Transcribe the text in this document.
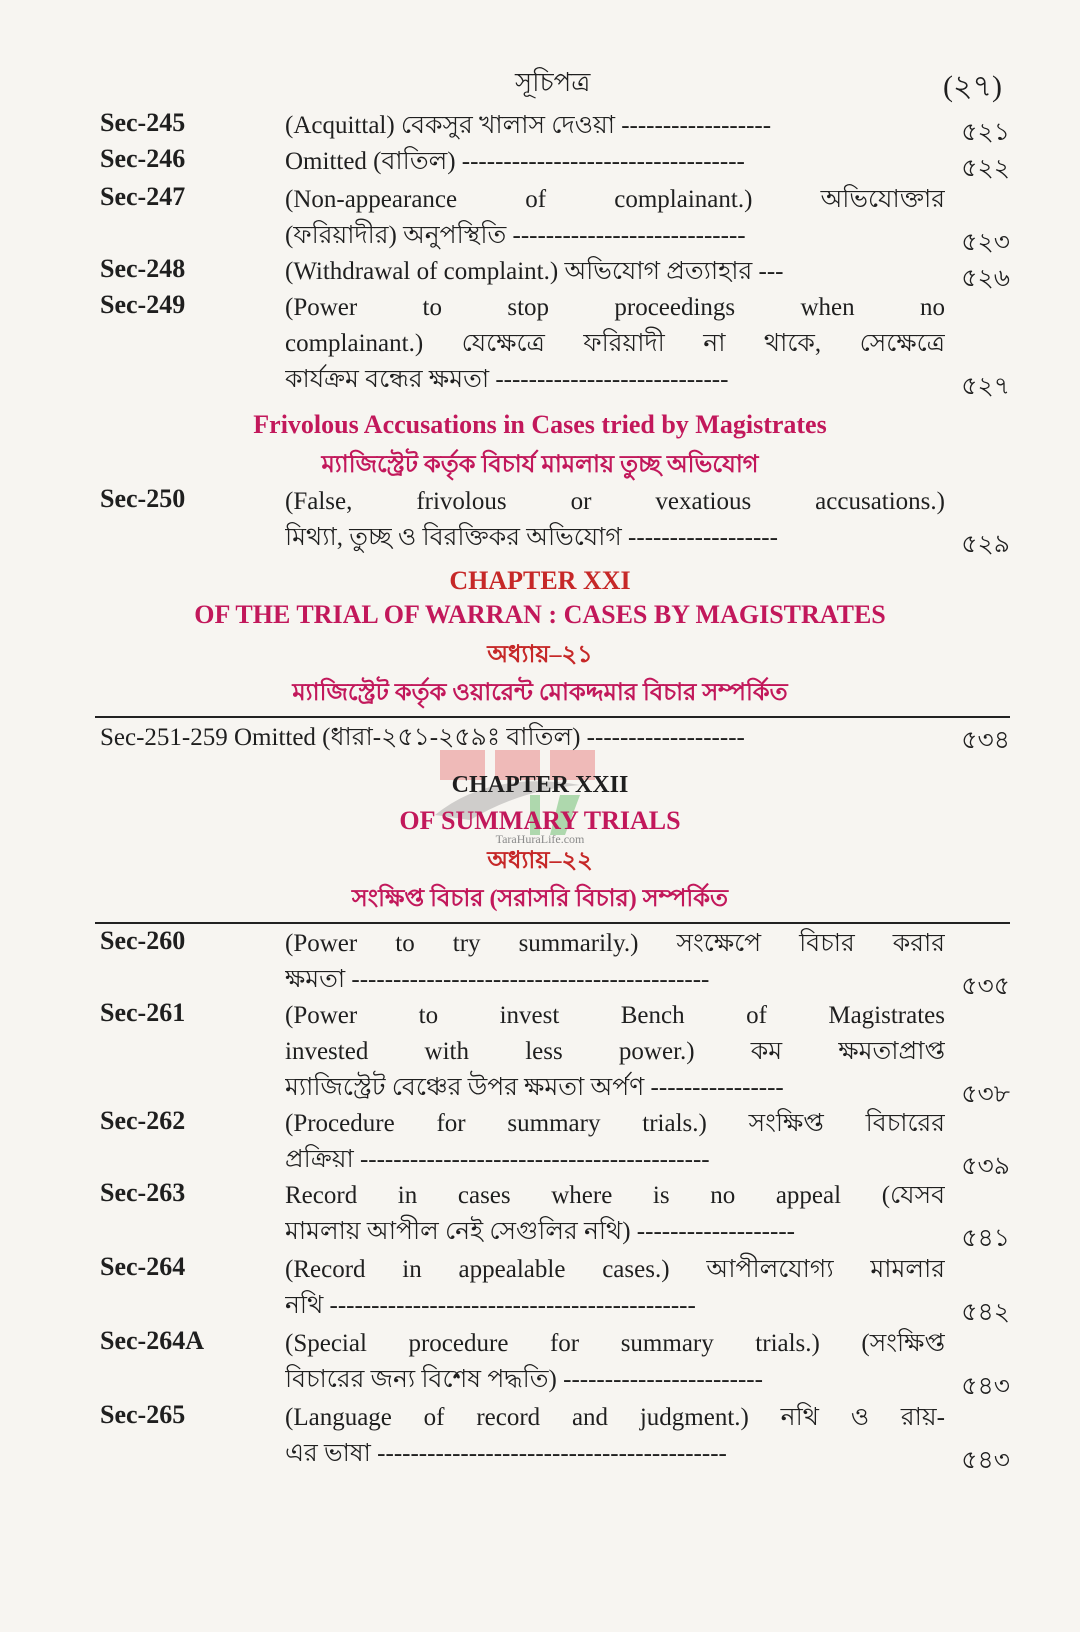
সূচিপত্র	(২৭)
Sec-245	(Acquittal) বেকসুর খালাস দেওয়া ------------------	৫২১
Sec-246	Omitted (বাতিল) ----------------------------------	৫২২
Sec-247	(Non-appearance of complainant.) অভিযোক্তার
(ফরিয়াদীর) অনুপস্থিতি ----------------------------	৫২৩
Sec-248	(Withdrawal of complaint.) অভিযোগ প্রত্যাহার ---	৫২৬
Sec-249	(Power to stop proceedings when no
complainant.) যেক্ষেত্রে ফরিয়াদী না থাকে, সেক্ষেত্রে
কার্যক্রম বন্ধের ক্ষমতা ----------------------------	৫২৭
Frivolous Accusations in Cases tried by Magistrates
ম্যাজিস্ট্রেট কর্তৃক বিচার্য মামলায় তুচ্ছ অভিযোগ
Sec-250	(False, frivolous or vexatious accusations.)
মিথ্যা, তুচ্ছ ও বিরক্তিকর অভিযোগ ------------------	৫২৯
CHAPTER XXI
OF THE TRIAL OF WARRAN : CASES BY MAGISTRATES
অধ্যায়–২১
ম্যাজিস্ট্রেট কর্তৃক ওয়ারেন্ট মোকদ্দমার বিচার সম্পর্কিত
Sec-251-259 Omitted (ধারা-২৫১-২৫৯ঃ বাতিল) -------------------	৫৩৪
CHAPTER XXII
OF SUMMARY TRIALS
TaraHuraLife.com
অধ্যায়–২২
সংক্ষিপ্ত বিচার (সরাসরি বিচার) সম্পর্কিত
Sec-260	(Power to try summarily.) সংক্ষেপে বিচার করার
ক্ষমতা -------------------------------------------	৫৩৫
Sec-261	(Power to invest Bench of Magistrates
invested with less power.) কম ক্ষমতাপ্রাপ্ত
ম্যাজিস্ট্রেট বেঞ্চের উপর ক্ষমতা অর্পণ ----------------	৫৩৮
Sec-262	(Procedure for summary trials.) সংক্ষিপ্ত বিচারের
প্রক্রিয়া ------------------------------------------	৫৩৯
Sec-263	Record in cases where is no appeal (যেসব
মামলায় আপীল নেই সেগুলির নথি) -------------------	৫৪১
Sec-264	(Record in appealable cases.) আপীলযোগ্য মামলার
নথি --------------------------------------------	৫৪২
Sec-264A	(Special procedure for summary trials.) (সংক্ষিপ্ত
বিচারের জন্য বিশেষ পদ্ধতি) ------------------------	৫৪৩
Sec-265	(Language of record and judgment.) নথি ও রায়-
এর ভাষা ------------------------------------------	৫৪৩
